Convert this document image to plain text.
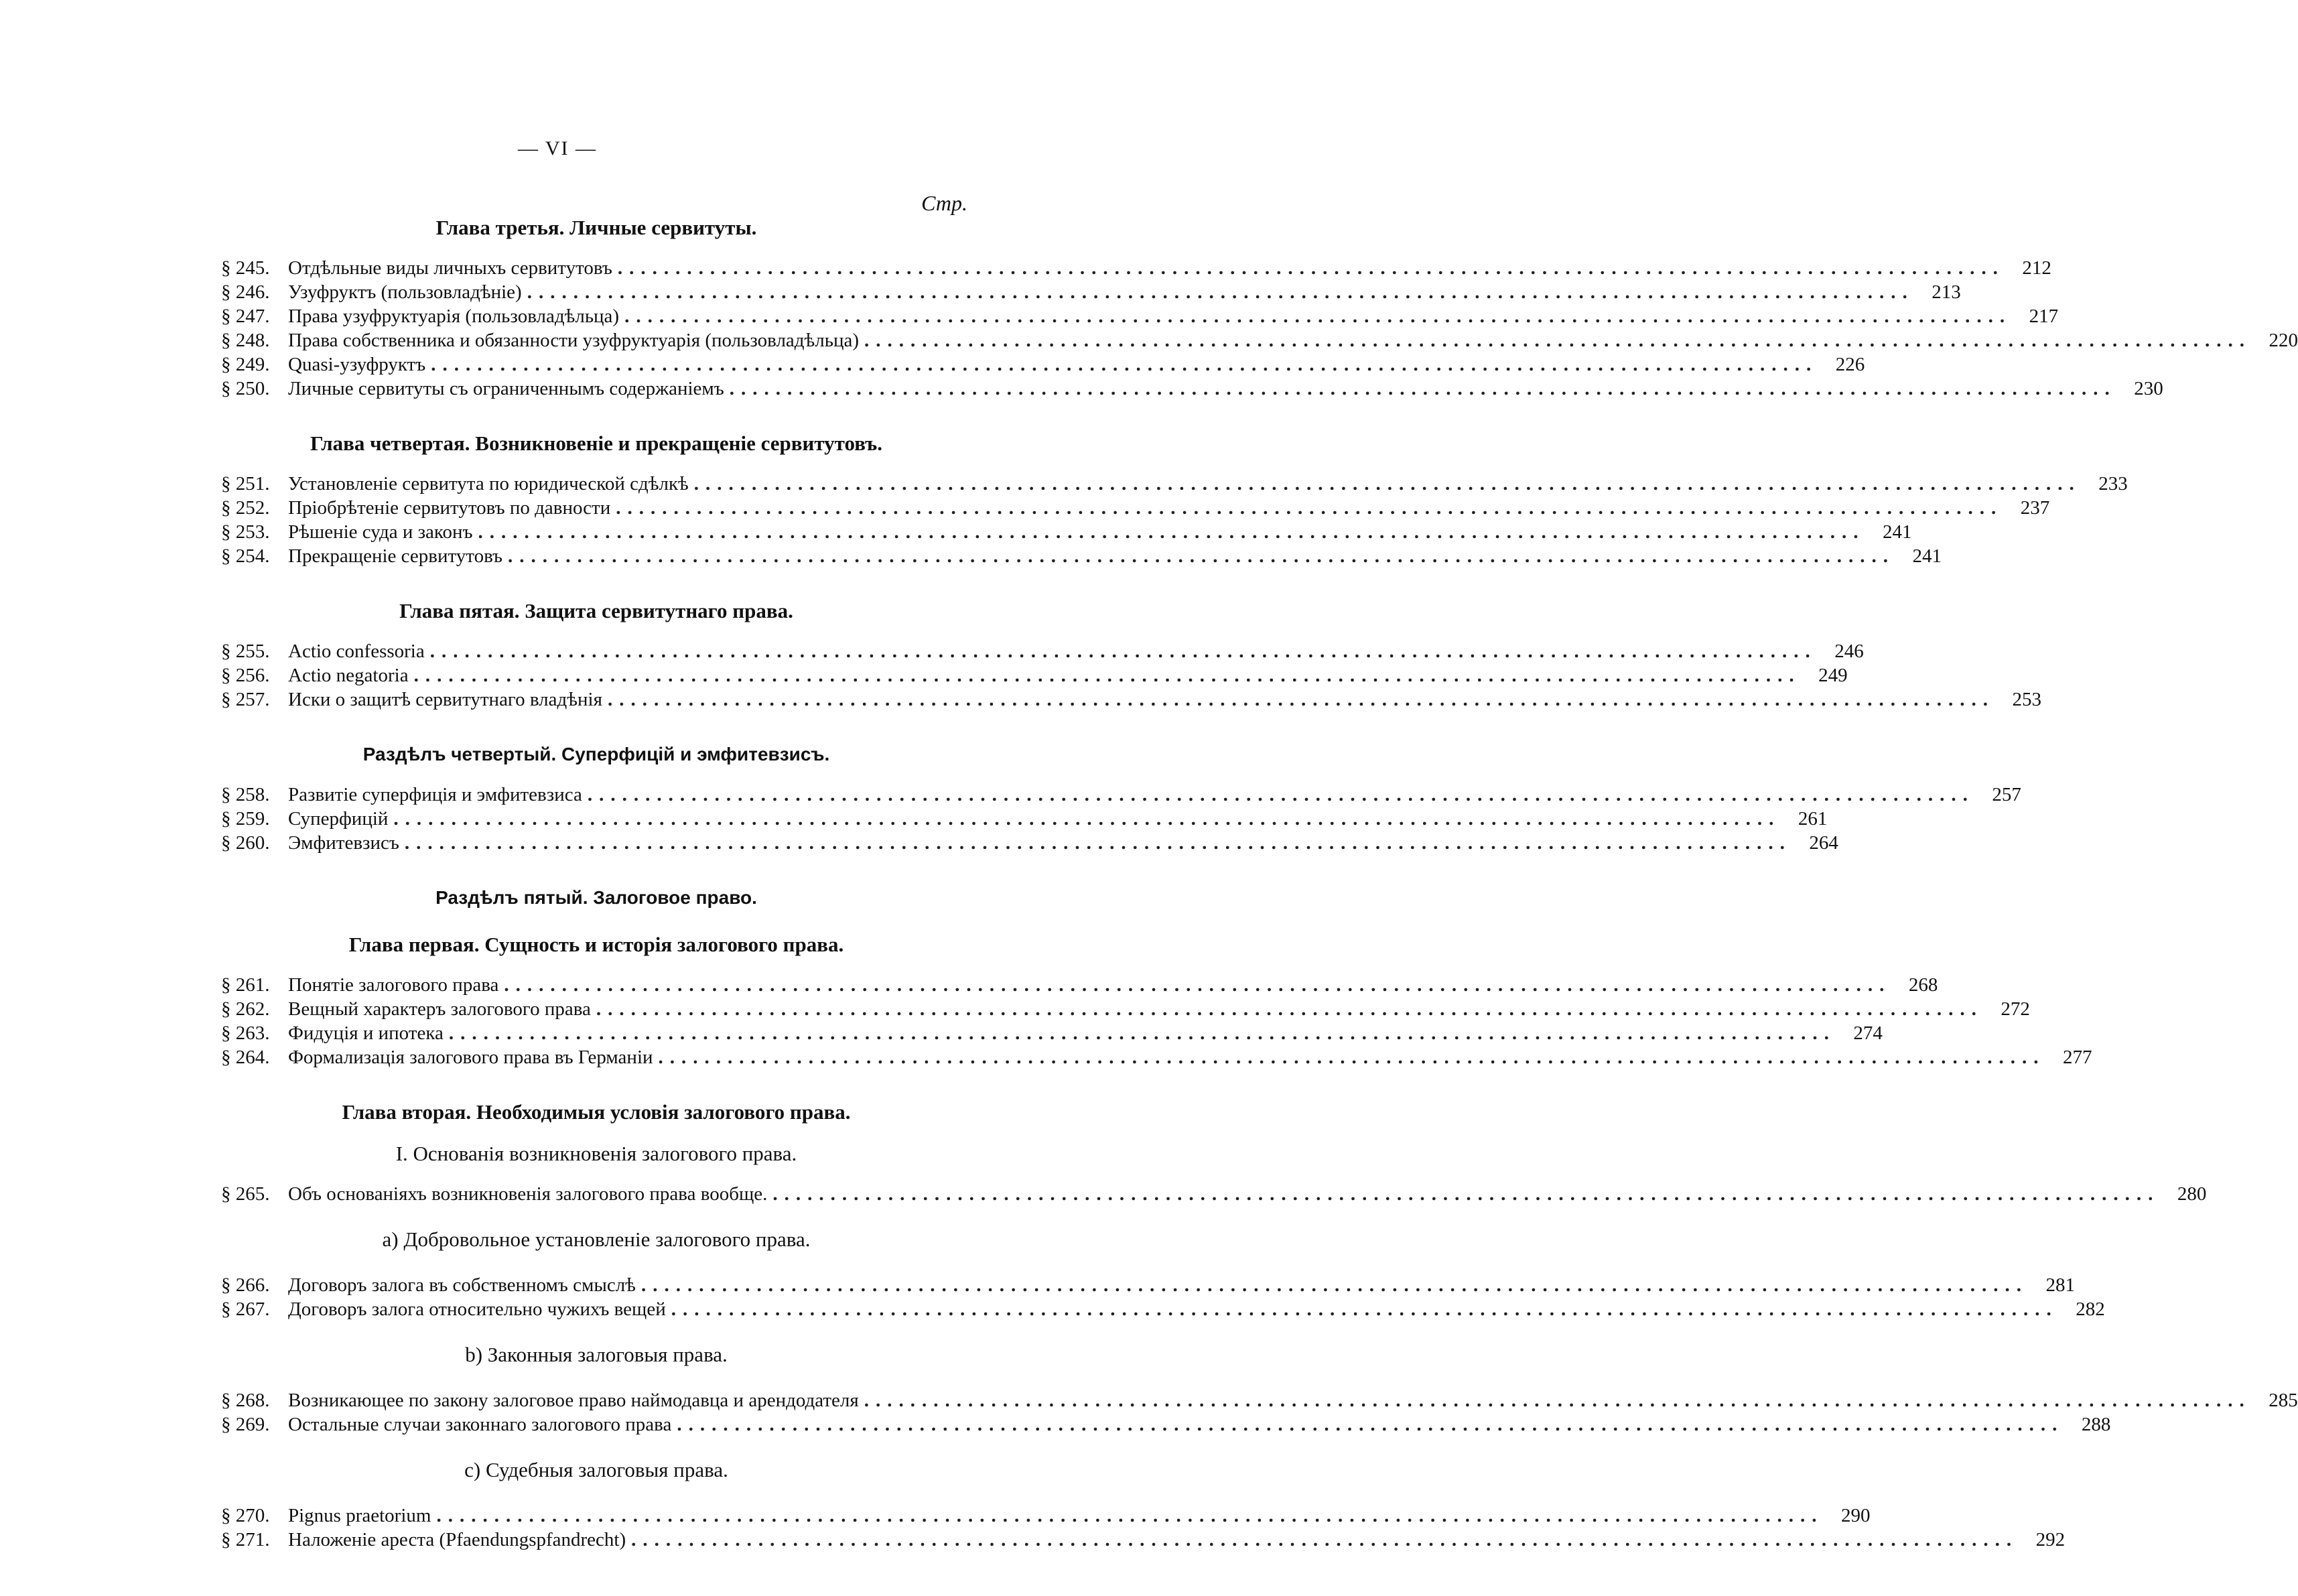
— VI —
Стр.
Глава третья. Личные сервитуты.
§ 245. Отдѣльные виды личныхъ сервитутовъ ........................................................................................................................ 212
§ 246. Узуфруктъ (пользовладѣніе) ........................................................................................................................ 213
§ 247. Права узуфруктуарія (пользовладѣльца) ........................................................................................................................ 217
§ 248. Права собственника и обязанности узуфруктуарія (пользовладѣльца) ........................................................................................................................ 220
§ 249. Quasi-узуфруктъ ........................................................................................................................ 226
§ 250. Личные сервитуты съ ограниченнымъ содержаніемъ ........................................................................................................................ 230
Глава четвертая. Возникновеніе и прекращеніе сервитутовъ.
§ 251. Установленіе сервитута по юридической сдѣлкѣ ........................................................................................................................ 233
§ 252. Пріобрѣтеніе сервитутовъ по давности ........................................................................................................................ 237
§ 253. Рѣшеніе суда и законъ ........................................................................................................................ 241
§ 254. Прекращеніе сервитутовъ ........................................................................................................................ 241
Глава пятая. Защита сервитутнаго права.
§ 255. Actio confessoria ........................................................................................................................ 246
§ 256. Actio negatoria ........................................................................................................................ 249
§ 257. Иски о защитѣ сервитутнаго владѣнія ........................................................................................................................ 253
Раздѣлъ четвертый. Суперфицій и эмфитевзисъ.
§ 258. Развитіе суперфиція и эмфитевзиса ........................................................................................................................ 257
§ 259. Суперфицій ........................................................................................................................ 261
§ 260. Эмфитевзисъ ........................................................................................................................ 264
Раздѣлъ пятый. Залоговое право.
Глава первая. Сущность и исторія залогового права.
§ 261. Понятіе залогового права ........................................................................................................................ 268
§ 262. Вещный характеръ залогового права ........................................................................................................................ 272
§ 263. Фидуція и ипотека ........................................................................................................................ 274
§ 264. Формализація залогового права въ Германіи ........................................................................................................................ 277
Глава вторая. Необходимыя условія залогового права.
I. Основанія возникновенія залогового права.
§ 265. Объ основаніяхъ возникновенія залогового права вообще. ........................................................................................................................ 280
a) Добровольное установленіе залогового права.
§ 266. Договоръ залога въ собственномъ смыслѣ ........................................................................................................................ 281
§ 267. Договоръ залога относительно чужихъ вещей ........................................................................................................................ 282
b) Законныя залоговыя права.
§ 268. Возникающее по закону залоговое право наймодавца и арендодателя ........................................................................................................................ 285
§ 269. Остальные случаи законнаго залогового права ........................................................................................................................ 288
c) Судебныя залоговыя права.
§ 270. Pignus praetorium ........................................................................................................................ 290
§ 271. Наложеніе ареста (Pfaendungspfandrecht) ........................................................................................................................ 292
